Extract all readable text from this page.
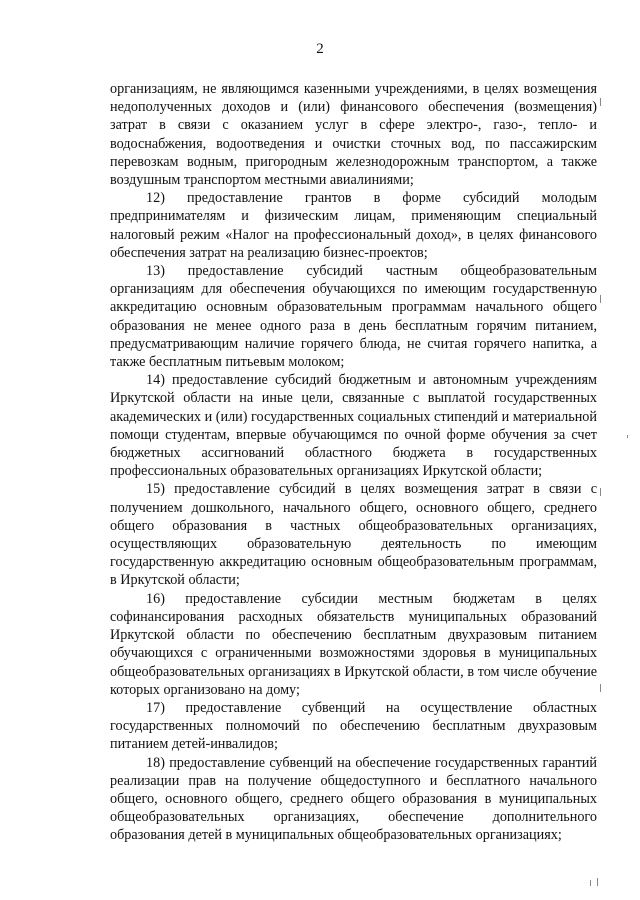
2

организациям, не являющимся казенными учреждениями, в целях возмещения недополученных доходов и (или) финансового обеспечения (возмещения) затрат в связи с оказанием услуг в сфере электро-, газо-, тепло- и водоснабжения, водоотведения и очистки сточных вод, по пассажирским перевозкам водным, пригородным железнодорожным транспортом, а также воздушным транспортом местными авиалиниями;

12) предоставление грантов в форме субсидий молодым предпринимателям и физическим лицам, применяющим специальный налоговый режим «Налог на профессиональный доход», в целях финансового обеспечения затрат на реализацию бизнес-проектов;

13) предоставление субсидий частным общеобразовательным организациям для обеспечения обучающихся по имеющим государственную аккредитацию основным образовательным программам начального общего образования не менее одного раза в день бесплатным горячим питанием, предусматривающим наличие горячего блюда, не считая горячего напитка, а также бесплатным питьевым молоком;

14) предоставление субсидий бюджетным и автономным учреждениям Иркутской области на иные цели, связанные с выплатой государственных академических и (или) государственных социальных стипендий и материальной помощи студентам, впервые обучающимся по очной форме обучения за счет бюджетных ассигнований областного бюджета в государственных профессиональных образовательных организациях Иркутской области;

15) предоставление субсидий в целях возмещения затрат в связи с получением дошкольного, начального общего, основного общего, среднего общего образования в частных общеобразовательных организациях, осуществляющих образовательную деятельность по имеющим государственную аккредитацию основным общеобразовательным программам, в Иркутской области;

16) предоставление субсидии местным бюджетам в целях софинансирования расходных обязательств муниципальных образований Иркутской области по обеспечению бесплатным двухразовым питанием обучающихся с ограниченными возможностями здоровья в муниципальных общеобразовательных организациях в Иркутской области, в том числе обучение которых организовано на дому;

17) предоставление субвенций на осуществление областных государственных полномочий по обеспечению бесплатным двухразовым питанием детей-инвалидов;

18) предоставление субвенций на обеспечение государственных гарантий реализации прав на получение общедоступного и бесплатного начального общего, основного общего, среднего общего образования в муниципальных общеобразовательных организациях, обеспечение дополнительного образования детей в муниципальных общеобразовательных организациях;
